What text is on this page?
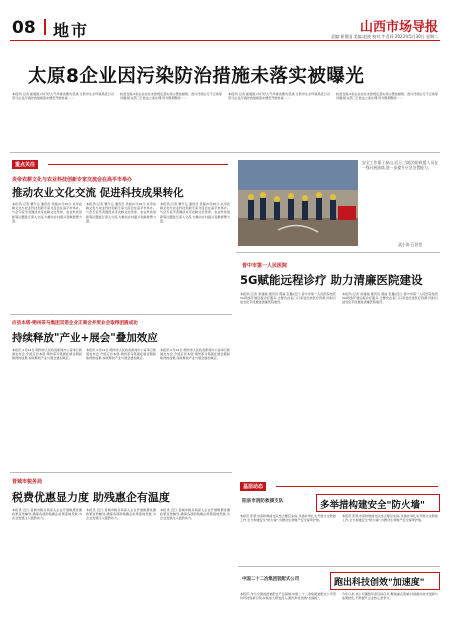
08 地市	山西市场导报
责编:崔建国 美编:赵波 校对:牛君莉 2023年5月30日 星期二
太原8企业因污染防治措施未落实被曝光
本报讯(记者 崔建国)为打好大气环境治理攻坚战,太原市生态环境局近日对部分企业污染防治措施落实情况开展检查……
检查发现,8家企业存在未按规定落实扬尘管控措施、治污设施运行不正常等问题,相关部门已依法立案处理,责令限期整改……
本报讯(记者 崔建国)为打好大气环境治理攻坚战,太原市生态环境局近日对部分企业污染防治措施落实情况开展检查……
检查发现,8家企业存在未按规定落实扬尘管控措施、治污设施运行不正常等问题,相关部门已依法立案处理,责令限期整改……
重点关注
炎帝农耕文化与农业科技创新专家交流会在高平市举办
推动农业文化交流 促进科技成果转化
本报讯(记者 曹升岳 通讯员 吴娟)5月26日,炎帝农耕文化与农业科技创新专家交流会在高平市举办。与会专家学者围绕炎帝农耕文化传承、农业科技创新等议题进行深入交流,为推动乡村振兴贡献智慧力量。
本报讯(记者 曹升岳 通讯员 吴娟)5月26日,炎帝农耕文化与农业科技创新专家交流会在高平市举办。与会专家学者围绕炎帝农耕文化传承、农业科技创新等议题进行深入交流,为推动乡村振兴贡献智慧力量。
本报讯(记者 曹升岳 通讯员 吴娟)5月26日,炎帝农耕文化与农业科技创新专家交流会在高平市举办。与会专家学者围绕炎帝农耕文化传承、农业科技创新等议题进行深入交流,为推动乡村振兴贡献智慧力量。
安全工作重于泰山,近日,当地消防救援人员在一线开展演练,进一步提升应急处置能力。
武小涛 石晋堂
晋中市第一人民医院
5G赋能远程诊疗 助力清廉医院建设
本报讯(记者 常建瑞 通讯员 郭丽 张璐)近日,晋中市第一人民医院依托5G网络开展远程诊疗服务,让群众在家门口享受优质医疗资源,同时以信息化手段推进清廉医院建设。
本报讯(记者 常建瑞 通讯员 郭丽 张璐)近日,晋中市第一人民医院依托5G网络开展远程诊疗服务,让群众在家门口享受优质医疗资源,同时以信息化手段推进清廉医院建设。
应县本塔·朔州茶马集团双语企业正商会并贸业会取得团圆成功
持续释放"产业+展会"叠加效应
本报讯 5月24日,朔州市人民政府新闻办公室举行新闻发布会,介绍应县本塔·朔州茶马集团在展会期间取得的成果,持续释放产业与展会叠加效应。
本报讯 5月24日,朔州市人民政府新闻办公室举行新闻发布会,介绍应县本塔·朔州茶马集团在展会期间取得的成果,持续释放产业与展会叠加效应。
本报讯 5月24日,朔州市人民政府新闻办公室举行新闻发布会,介绍应县本塔·朔州茶马集团在展会期间取得的成果,持续释放产业与展会叠加效应。
晋城市税务局
税费优惠显力度 助残惠企有温度
本报讯 近日,晋城市税务局深入企业开展税费优惠政策宣传辅导,确保各项助残惠企政策落地见效,为企业发展注入强劲动力。
本报讯 近日,晋城市税务局深入企业开展税费优惠政策宣传辅导,确保各项助残惠企政策落地见效,为企业发展注入强劲动力。
本报讯 近日,晋城市税务局深入企业开展税费优惠政策宣传辅导,确保各项助残惠企政策落地见效,为企业发展注入强劲动力。
基层动态
阳泉市消防救援支队	多举措构建安全"防火墙"
本报讯 阳泉市消防救援支队结合辖区实际,多措并举扎实开展火灾防控工作,全力构建安全"防火墙",为群众生命财产安全保驾护航。
本报讯 阳泉市消防救援支队结合辖区实际,多措并举扎实开展火灾防控工作,全力构建安全"防火墙",为群众生命财产安全保驾护航。
中国二十二冶集团装配式公司	跑出科技创效"加速度"
本报讯 作为全国首批装配式产业基地,中国二十二冶集团装配式公司坚持科技创新引领,持续加大研发投入,跑出科技创效"加速度"。
今年以来,该公司围绕年度目标任务,聚焦重点领域,持续推动技术创新与成果转化,不断提升企业核心竞争力。
